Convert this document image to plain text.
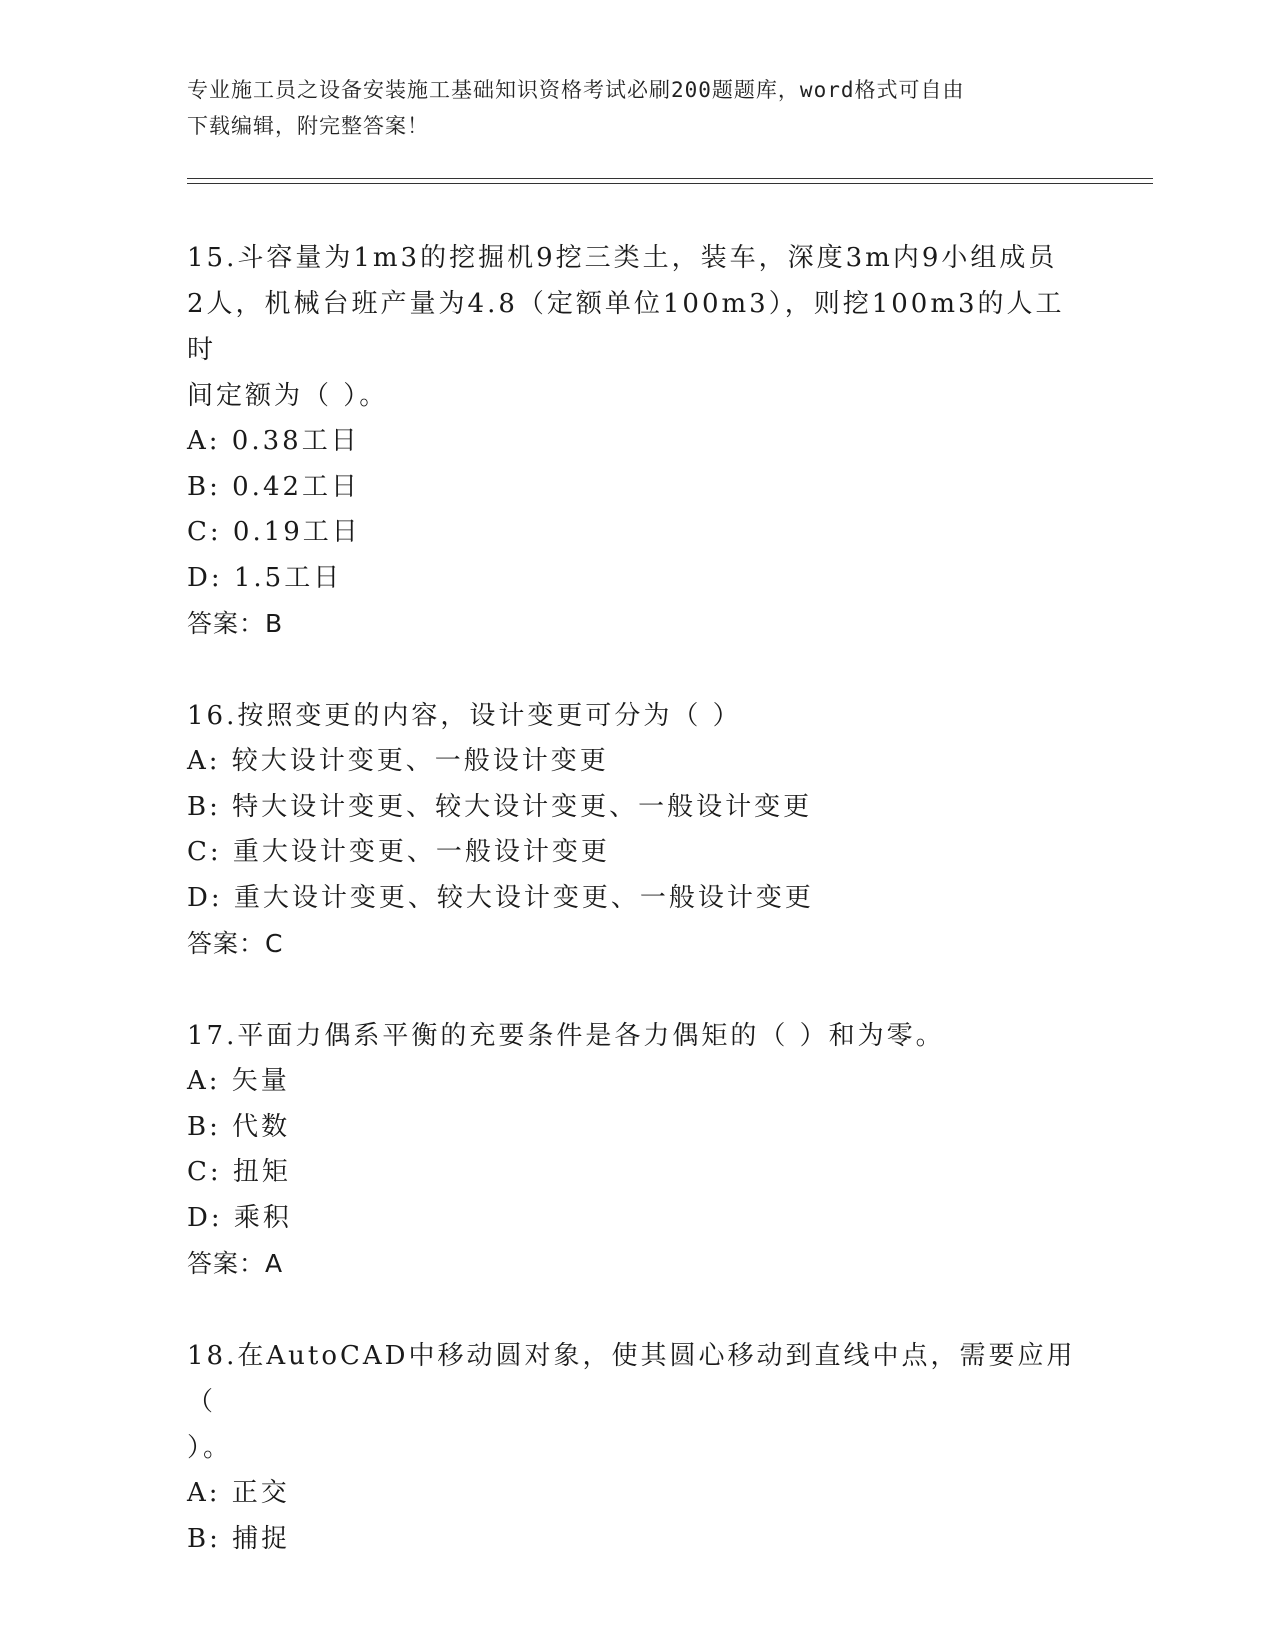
专业施工员之设备安装施工基础知识资格考试必刷200题题库，word格式可自由
下载编辑，附完整答案！
15.斗容量为1m3的挖掘机9挖三类土，装车，深度3m内9小组成员
2人，机械台班产量为4.8（定额单位100m3），则挖100m3的人工时
间定额为（ ）。
A: 0.38工日
B: 0.42工日
C: 0.19工日
D: 1.5工日
答案：B
16.按照变更的内容，设计变更可分为（ ）
A: 较大设计变更、一般设计变更
B: 特大设计变更、较大设计变更、一般设计变更
C: 重大设计变更、一般设计变更
D: 重大设计变更、较大设计变更、一般设计变更
答案：C
17.平面力偶系平衡的充要条件是各力偶矩的（ ）和为零。
A: 矢量
B: 代数
C: 扭矩
D: 乘积
答案：A
18.在AutoCAD中移动圆对象，使其圆心移动到直线中点，需要应用（
）。
A: 正交
B: 捕捉
